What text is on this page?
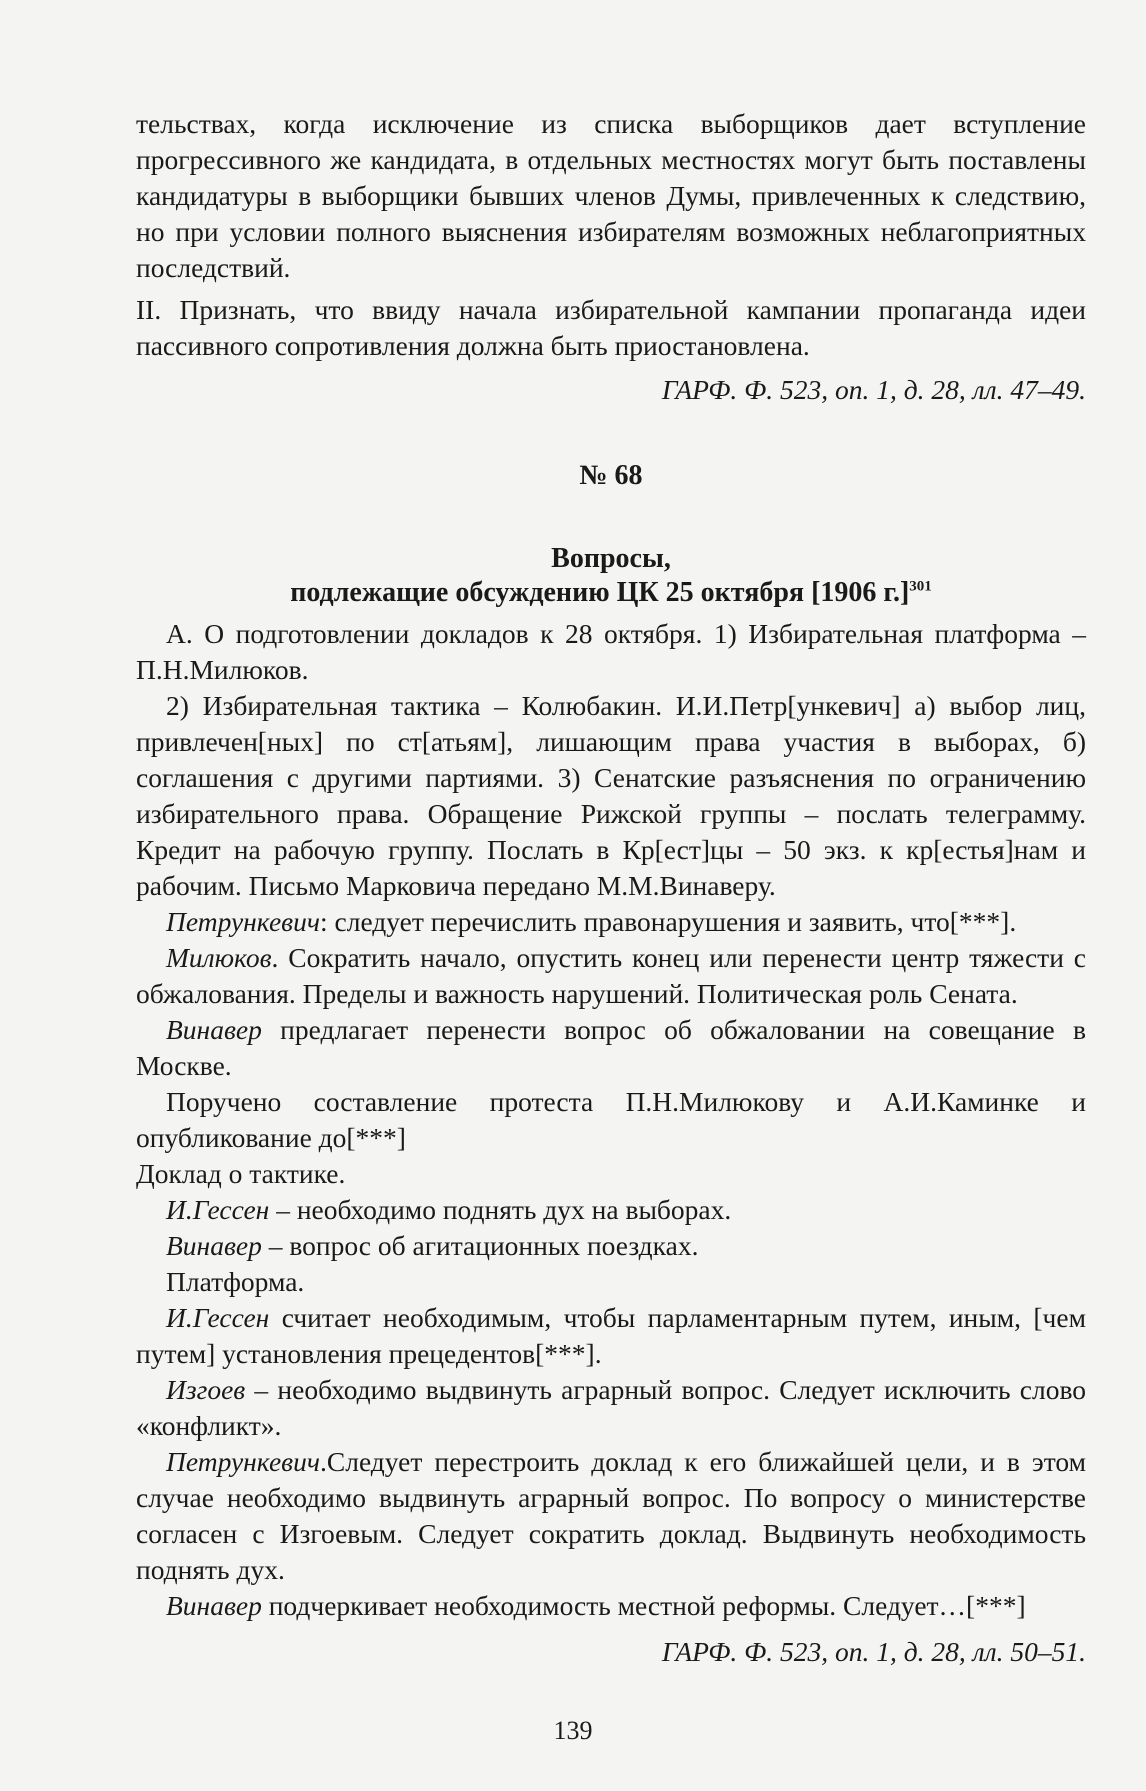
тельствах, когда исключение из списка выборщиков дает вступление прогрессивного же кандидата, в отдельных местностях могут быть поставлены кандидатуры в выборщики бывших членов Думы, привлеченных к следствию, но при условии полного выяснения избирателям возможных неблагоприятных последствий.

II. Признать, что ввиду начала избирательной кампании пропаганда идеи пассивного сопротивления должна быть приостановлена.

ГАРФ. Ф. 523, оп. 1, д. 28, лл. 47–49.

№ 68
Вопросы,
подлежащие обсуждению ЦК 25 октября [1906 г.]$^{301}$

А. О подготовлении докладов к 28 октября. 1) Избирательная платформа – П.Н.Милюков.

2) Избирательная тактика – Колюбакин. И.И.Петр[ункевич] а) выбор лиц, привлечен[ных] по ст[атьям], лишающим права участия в выборах, б) соглашения с другими партиями. 3) Сенатские разъяснения по ограничению избирательного права. Обращение Рижской группы – послать телеграмму. Кредит на рабочую группу. Послать в Кр[ест]цы – 50 экз. к кр[естья]нам и рабочим. Письмо Марковича передано М.М.Винаверу.

Петрункевич: следует перечислить правонарушения и заявить, что[***].

Милюков. Сократить начало, опустить конец или перенести центр тяжести с обжалования. Пределы и важность нарушений. Политическая роль Сената.

Винавер предлагает перенести вопрос об обжаловании на совещание в Москве.

Поручено составление протеста П.Н.Милюкову и А.И.Каминке и опубликование до[***]

Доклад о тактике.

И.Гессен – необходимо поднять дух на выборах.

Винавер – вопрос об агитационных поездках.

Платформа.

И.Гессен считает необходимым, чтобы парламентарным путем, иным, [чем путем] установления прецедентов[***].

Изгоев – необходимо выдвинуть аграрный вопрос. Следует исключить слово «конфликт».

Петрункевич.Следует перестроить доклад к его ближайшей цели, и в этом случае необходимо выдвинуть аграрный вопрос. По вопросу о министерстве согласен с Изгоевым. Следует сократить доклад. Выдвинуть необходимость поднять дух.

Винавер подчеркивает необходимость местной реформы. Следует…[***]

ГАРФ. Ф. 523, оп. 1, д. 28, лл. 50–51.

139
